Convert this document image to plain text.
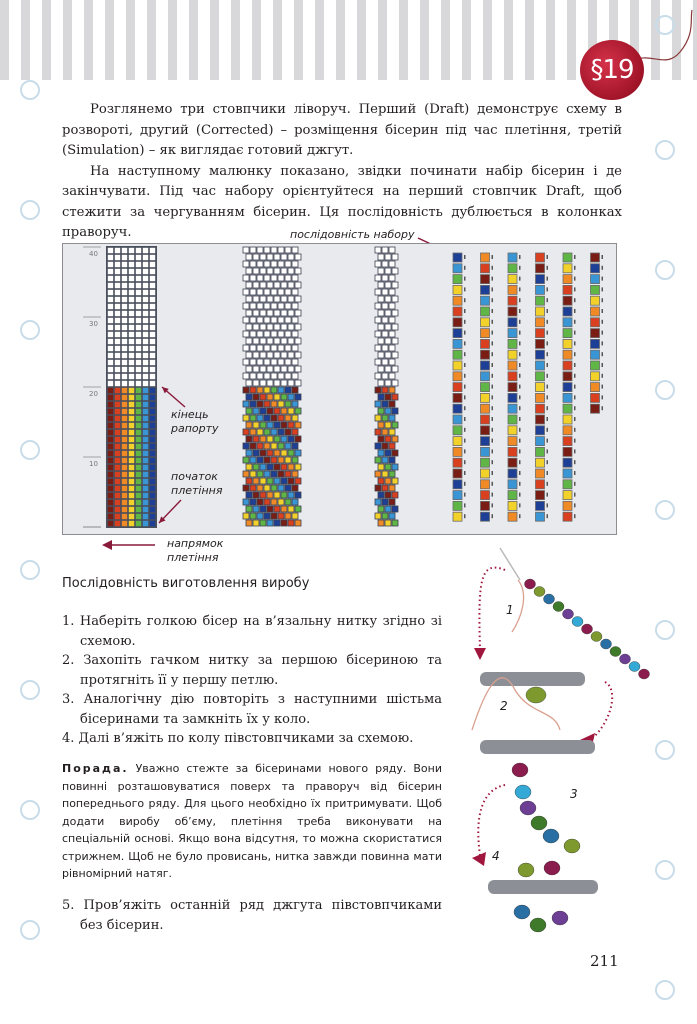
§19

Розглянемо три стовпчики ліворуч. Перший (Draft) демонструє схему в розвороті, другий (Corrected) – розміщення бісерин під час плетіння, третій (Simulation) – як виглядає готовий джгут.

На наступному малюнку показано, звідки починати набір бісерин і де закінчувати. Під час набору орієнтуйтеся на перший стовпчик Draft, щоб стежити за чергуванням бісерин. Ця послідовність дублюється в колонках праворуч.	послідовність набору
40
30
20
10
кінець
рапорту
початок
плетіння
напрямок
плетіння
Послідовність виготовлення виробу
1. Наберіть голкою бісер на в’язальну нитку згідно зі схемою.
2. Захопіть гачком нитку за першою бісериною та протягніть її у першу петлю.
3. Аналогічну дію повторіть з наступними шістьма бісеринами та замкніть їх у коло.
4. Далі в’яжіть по колу півстовпчиками за схемою.
Порада. Уважно стежте за бісеринами нового ряду. Вони повинні розташовуватися поверх та праворуч від бісерин попереднього ряду. Для цього необхідно їх притримувати. Щоб додати виробу об’єму, плетіння треба виконувати на спеціальній основі. Якщо вона відсутня, то можна скористатися стрижнем. Щоб не було провисань, нитка завжди повинна мати рівномірний натяг.
5. Пров’яжіть останній ряд джгута півстовпчиками без бісерин.
1
2
3
4
211
